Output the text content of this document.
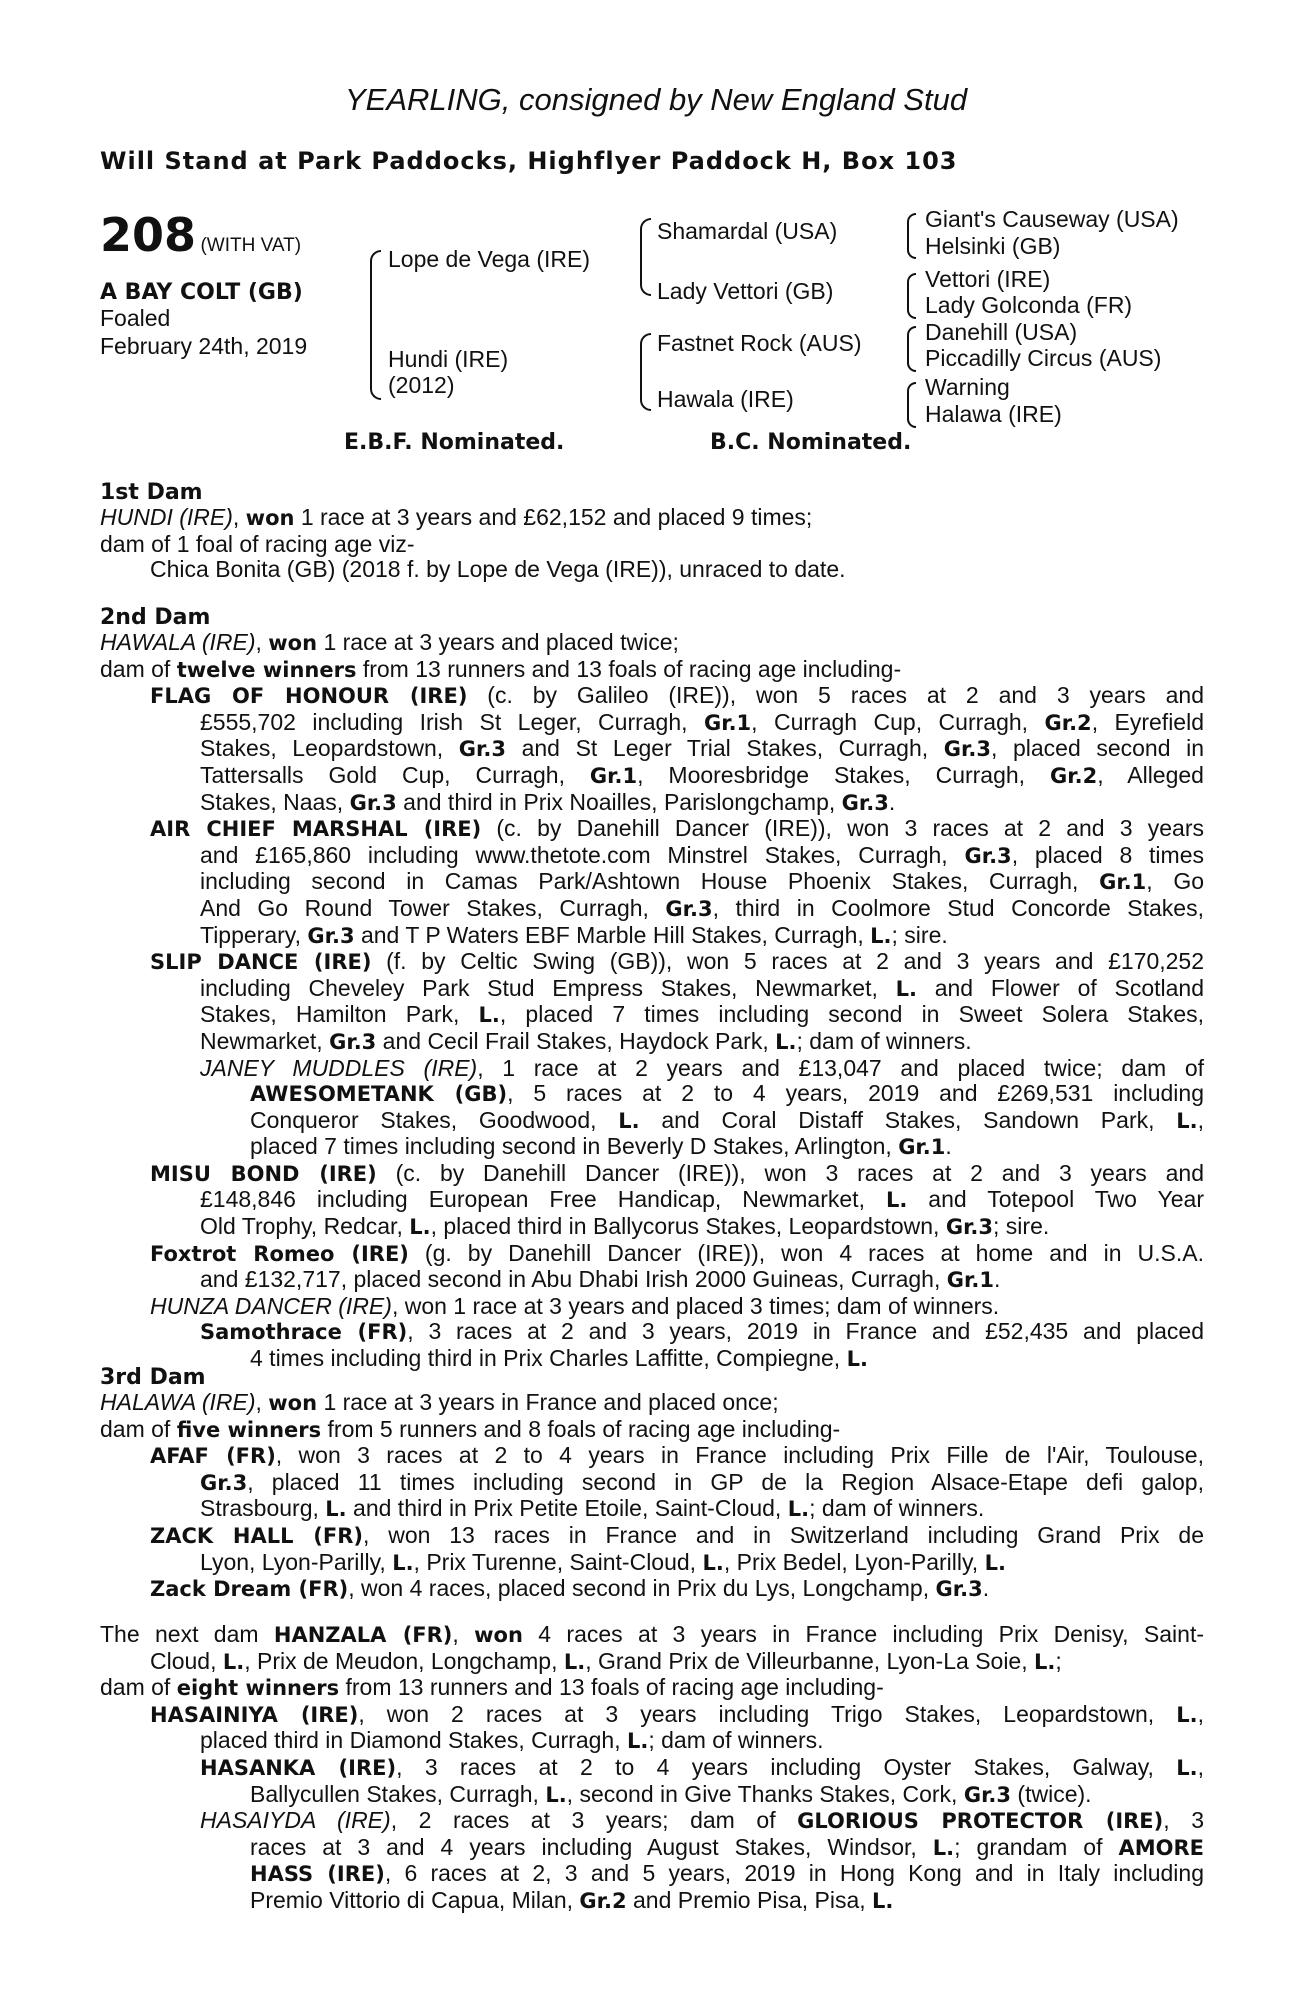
YEARLING, consigned by New England Stud
Will Stand at Park Paddocks, Highflyer Paddock H, Box 103
208 (WITH VAT)
A BAY COLT (GB)
Foaled
February 24th, 2019
Lope de Vega (IRE)
Hundi (IRE)
(2012)
Shamardal (USA)
Lady Vettori (GB)
Fastnet Rock (AUS)
Hawala (IRE)
Giant's Causeway (USA)
Helsinki (GB)
Vettori (IRE)
Lady Golconda (FR)
Danehill (USA)
Piccadilly Circus (AUS)
Warning
Halawa (IRE)
E.B.F. Nominated.	B.C. Nominated.
1st Dam
HUNDI (IRE), won 1 race at 3 years and £62,152 and placed 9 times;
dam of 1 foal of racing age viz-
Chica Bonita (GB) (2018 f. by Lope de Vega (IRE)), unraced to date.
2nd Dam
HAWALA (IRE), won 1 race at 3 years and placed twice;
dam of twelve winners from 13 runners and 13 foals of racing age including-
FLAG OF HONOUR (IRE) (c. by Galileo (IRE)), won 5 races at 2 and 3 years and
£555,702 including Irish St Leger, Curragh, Gr.1, Curragh Cup, Curragh, Gr.2, Eyrefield
Stakes, Leopardstown, Gr.3 and St Leger Trial Stakes, Curragh, Gr.3, placed second in
Tattersalls Gold Cup, Curragh, Gr.1, Mooresbridge Stakes, Curragh, Gr.2, Alleged
Stakes, Naas, Gr.3 and third in Prix Noailles, Parislongchamp, Gr.3.
AIR CHIEF MARSHAL (IRE) (c. by Danehill Dancer (IRE)), won 3 races at 2 and 3 years
and £165,860 including www.thetote.com Minstrel Stakes, Curragh, Gr.3, placed 8 times
including second in Camas Park/Ashtown House Phoenix Stakes, Curragh, Gr.1, Go
And Go Round Tower Stakes, Curragh, Gr.3, third in Coolmore Stud Concorde Stakes,
Tipperary, Gr.3 and T P Waters EBF Marble Hill Stakes, Curragh, L.; sire.
SLIP DANCE (IRE) (f. by Celtic Swing (GB)), won 5 races at 2 and 3 years and £170,252
including Cheveley Park Stud Empress Stakes, Newmarket, L. and Flower of Scotland
Stakes, Hamilton Park, L., placed 7 times including second in Sweet Solera Stakes,
Newmarket, Gr.3 and Cecil Frail Stakes, Haydock Park, L.; dam of winners.
JANEY MUDDLES (IRE), 1 race at 2 years and £13,047 and placed twice; dam of
AWESOMETANK (GB), 5 races at 2 to 4 years, 2019 and £269,531 including
Conqueror Stakes, Goodwood, L. and Coral Distaff Stakes, Sandown Park, L.,
placed 7 times including second in Beverly D Stakes, Arlington, Gr.1.
MISU BOND (IRE) (c. by Danehill Dancer (IRE)), won 3 races at 2 and 3 years and
£148,846 including European Free Handicap, Newmarket, L. and Totepool Two Year
Old Trophy, Redcar, L., placed third in Ballycorus Stakes, Leopardstown, Gr.3; sire.
Foxtrot Romeo (IRE) (g. by Danehill Dancer (IRE)), won 4 races at home and in U.S.A.
and £132,717, placed second in Abu Dhabi Irish 2000 Guineas, Curragh, Gr.1.
HUNZA DANCER (IRE), won 1 race at 3 years and placed 3 times; dam of winners.
Samothrace (FR), 3 races at 2 and 3 years, 2019 in France and £52,435 and placed
4 times including third in Prix Charles Laffitte, Compiegne, L.
3rd Dam
HALAWA (IRE), won 1 race at 3 years in France and placed once;
dam of five winners from 5 runners and 8 foals of racing age including-
AFAF (FR), won 3 races at 2 to 4 years in France including Prix Fille de l'Air, Toulouse,
Gr.3, placed 11 times including second in GP de la Region Alsace-Etape defi galop,
Strasbourg, L. and third in Prix Petite Etoile, Saint-Cloud, L.; dam of winners.
ZACK HALL (FR), won 13 races in France and in Switzerland including Grand Prix de
Lyon, Lyon-Parilly, L., Prix Turenne, Saint-Cloud, L., Prix Bedel, Lyon-Parilly, L.
Zack Dream (FR), won 4 races, placed second in Prix du Lys, Longchamp, Gr.3.
The next dam HANZALA (FR), won 4 races at 3 years in France including Prix Denisy, Saint-
Cloud, L., Prix de Meudon, Longchamp, L., Grand Prix de Villeurbanne, Lyon-La Soie, L.;
dam of eight winners from 13 runners and 13 foals of racing age including-
HASAINIYA (IRE), won 2 races at 3 years including Trigo Stakes, Leopardstown, L.,
placed third in Diamond Stakes, Curragh, L.; dam of winners.
HASANKA (IRE), 3 races at 2 to 4 years including Oyster Stakes, Galway, L.,
Ballycullen Stakes, Curragh, L., second in Give Thanks Stakes, Cork, Gr.3 (twice).
HASAIYDA (IRE), 2 races at 3 years; dam of GLORIOUS PROTECTOR (IRE), 3
races at 3 and 4 years including August Stakes, Windsor, L.; grandam of AMORE
HASS (IRE), 6 races at 2, 3 and 5 years, 2019 in Hong Kong and in Italy including
Premio Vittorio di Capua, Milan, Gr.2 and Premio Pisa, Pisa, L.
